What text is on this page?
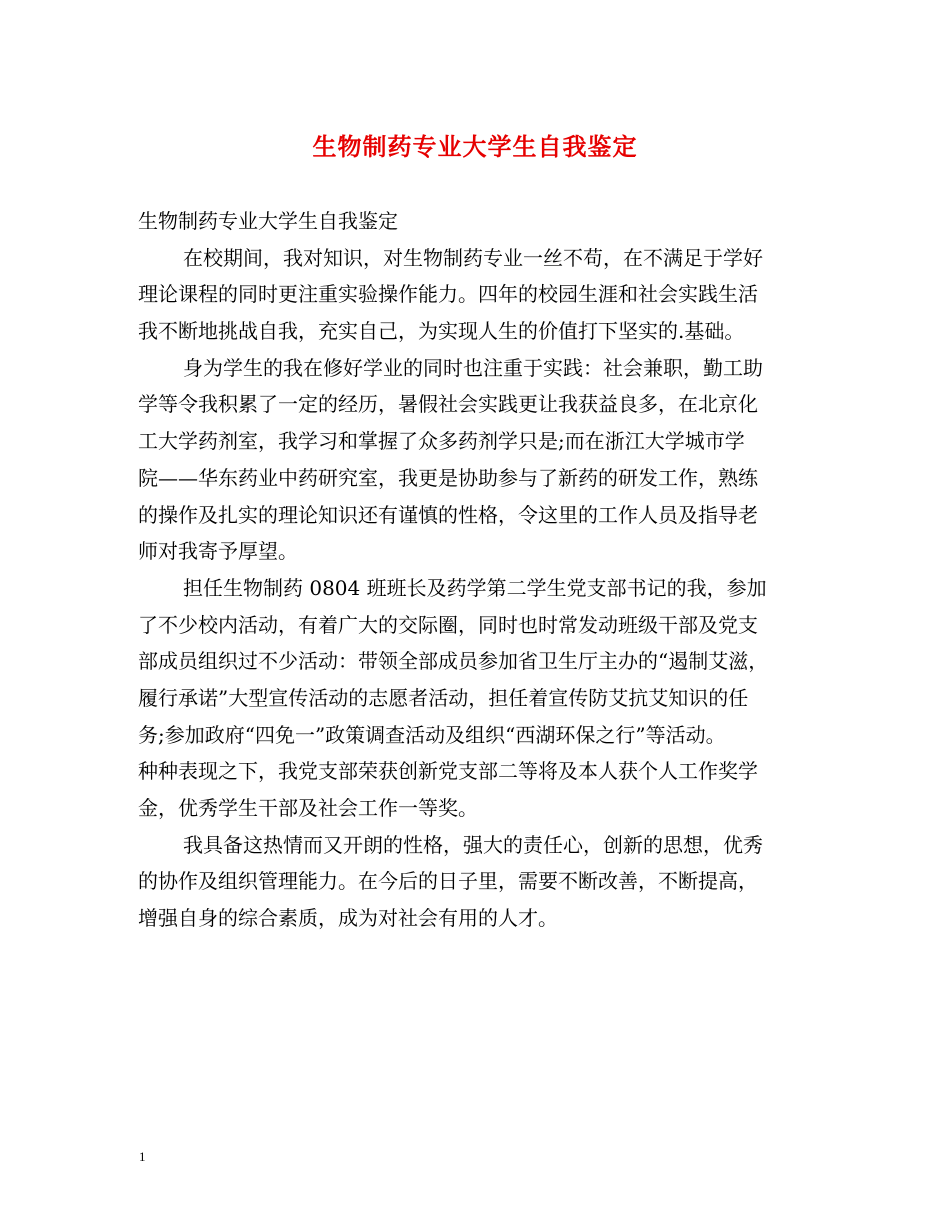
生物制药专业大学生自我鉴定
生物制药专业大学生自我鉴定
在校期间，我对知识，对生物制药专业一丝不苟，在不满足于学好
理论课程的同时更注重实验操作能力。四年的校园生涯和社会实践生活
我不断地挑战自我，充实自己，为实现人生的价值打下坚实的.基础。
身为学生的我在修好学业的同时也注重于实践：社会兼职，勤工助
学等令我积累了一定的经历，暑假社会实践更让我获益良多，在北京化
工大学药剂室，我学习和掌握了众多药剂学只是;而在浙江大学城市学
院——华东药业中药研究室，我更是协助参与了新药的研发工作，熟练
的操作及扎实的理论知识还有谨慎的性格，令这里的工作人员及指导老
师对我寄予厚望。
担任生物制药 0804 班班长及药学第二学生党支部书记的我，参加
了不少校内活动，有着广大的交际圈，同时也时常发动班级干部及党支
部成员组织过不少活动：带领全部成员参加省卫生厅主办的“遏制艾滋，
履行承诺”大型宣传活动的志愿者活动，担任着宣传防艾抗艾知识的任
务;参加政府“四免一”政策调查活动及组织“西湖环保之行”等活动。
种种表现之下，我党支部荣获创新党支部二等将及本人获个人工作奖学
金，优秀学生干部及社会工作一等奖。
我具备这热情而又开朗的性格，强大的责任心，创新的思想，优秀
的协作及组织管理能力。在今后的日子里，需要不断改善，不断提高，
增强自身的综合素质，成为对社会有用的人才。
1
